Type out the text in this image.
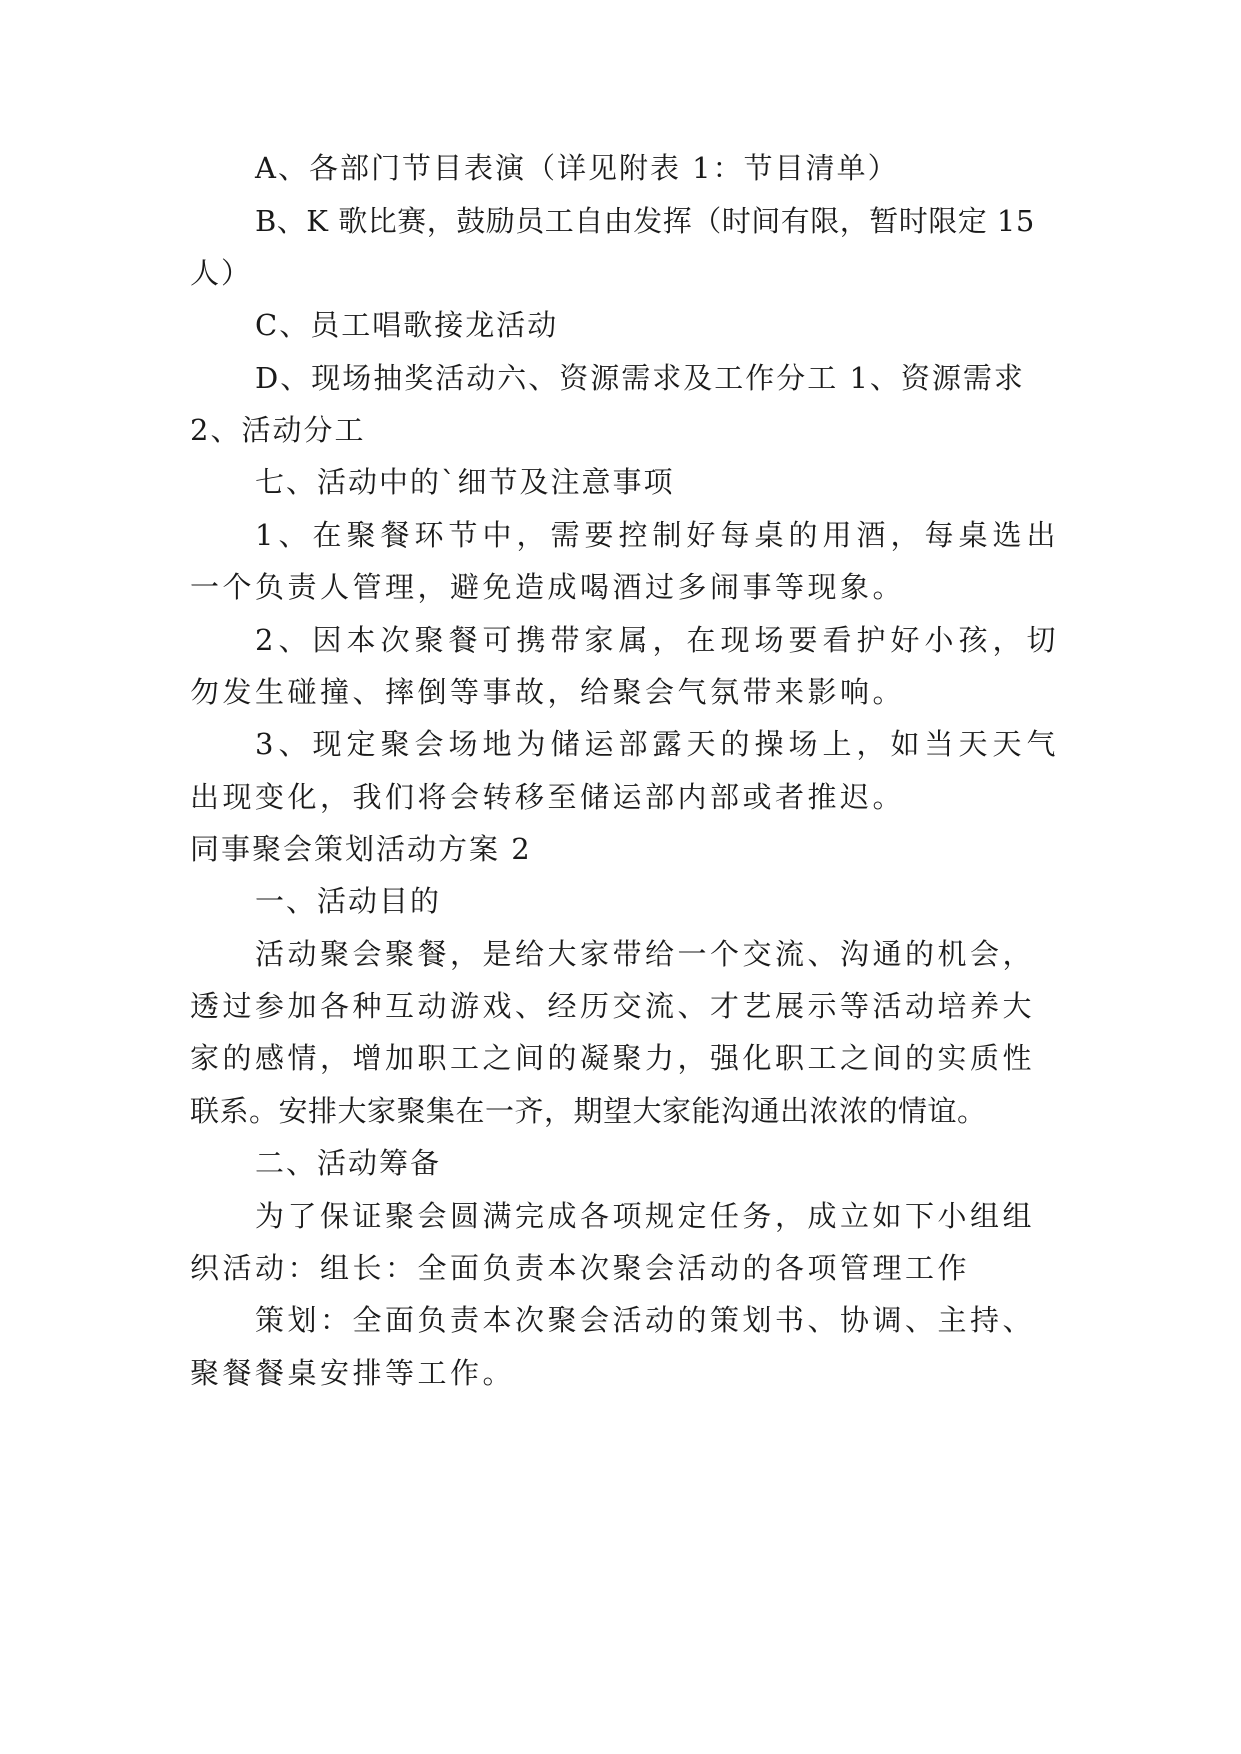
A、各部门节目表演（详见附表 1：节目清单）
B、K 歌比赛，鼓励员工自由发挥（时间有限，暂时限定 15
人）
C、员工唱歌接龙活动
D、现场抽奖活动六、资源需求及工作分工 1、资源需求
2、活动分工
七、活动中的`细节及注意事项
1、在聚餐环节中，需要控制好每桌的用酒，每桌选出
一个负责人管理，避免造成喝酒过多闹事等现象。
2、因本次聚餐可携带家属，在现场要看护好小孩，切
勿发生碰撞、摔倒等事故，给聚会气氛带来影响。
3、现定聚会场地为储运部露天的操场上，如当天天气
出现变化，我们将会转移至储运部内部或者推迟。
同事聚会策划活动方案 2
一、活动目的
活动聚会聚餐，是给大家带给一个交流、沟通的机会，
透过参加各种互动游戏、经历交流、才艺展示等活动培养大
家的感情，增加职工之间的凝聚力，强化职工之间的实质性
联系。安排大家聚集在一齐，期望大家能沟通出浓浓的情谊。
二、活动筹备
为了保证聚会圆满完成各项规定任务，成立如下小组组
织活动：组长：全面负责本次聚会活动的各项管理工作
策划：全面负责本次聚会活动的策划书、协调、主持、
聚餐餐桌安排等工作。
